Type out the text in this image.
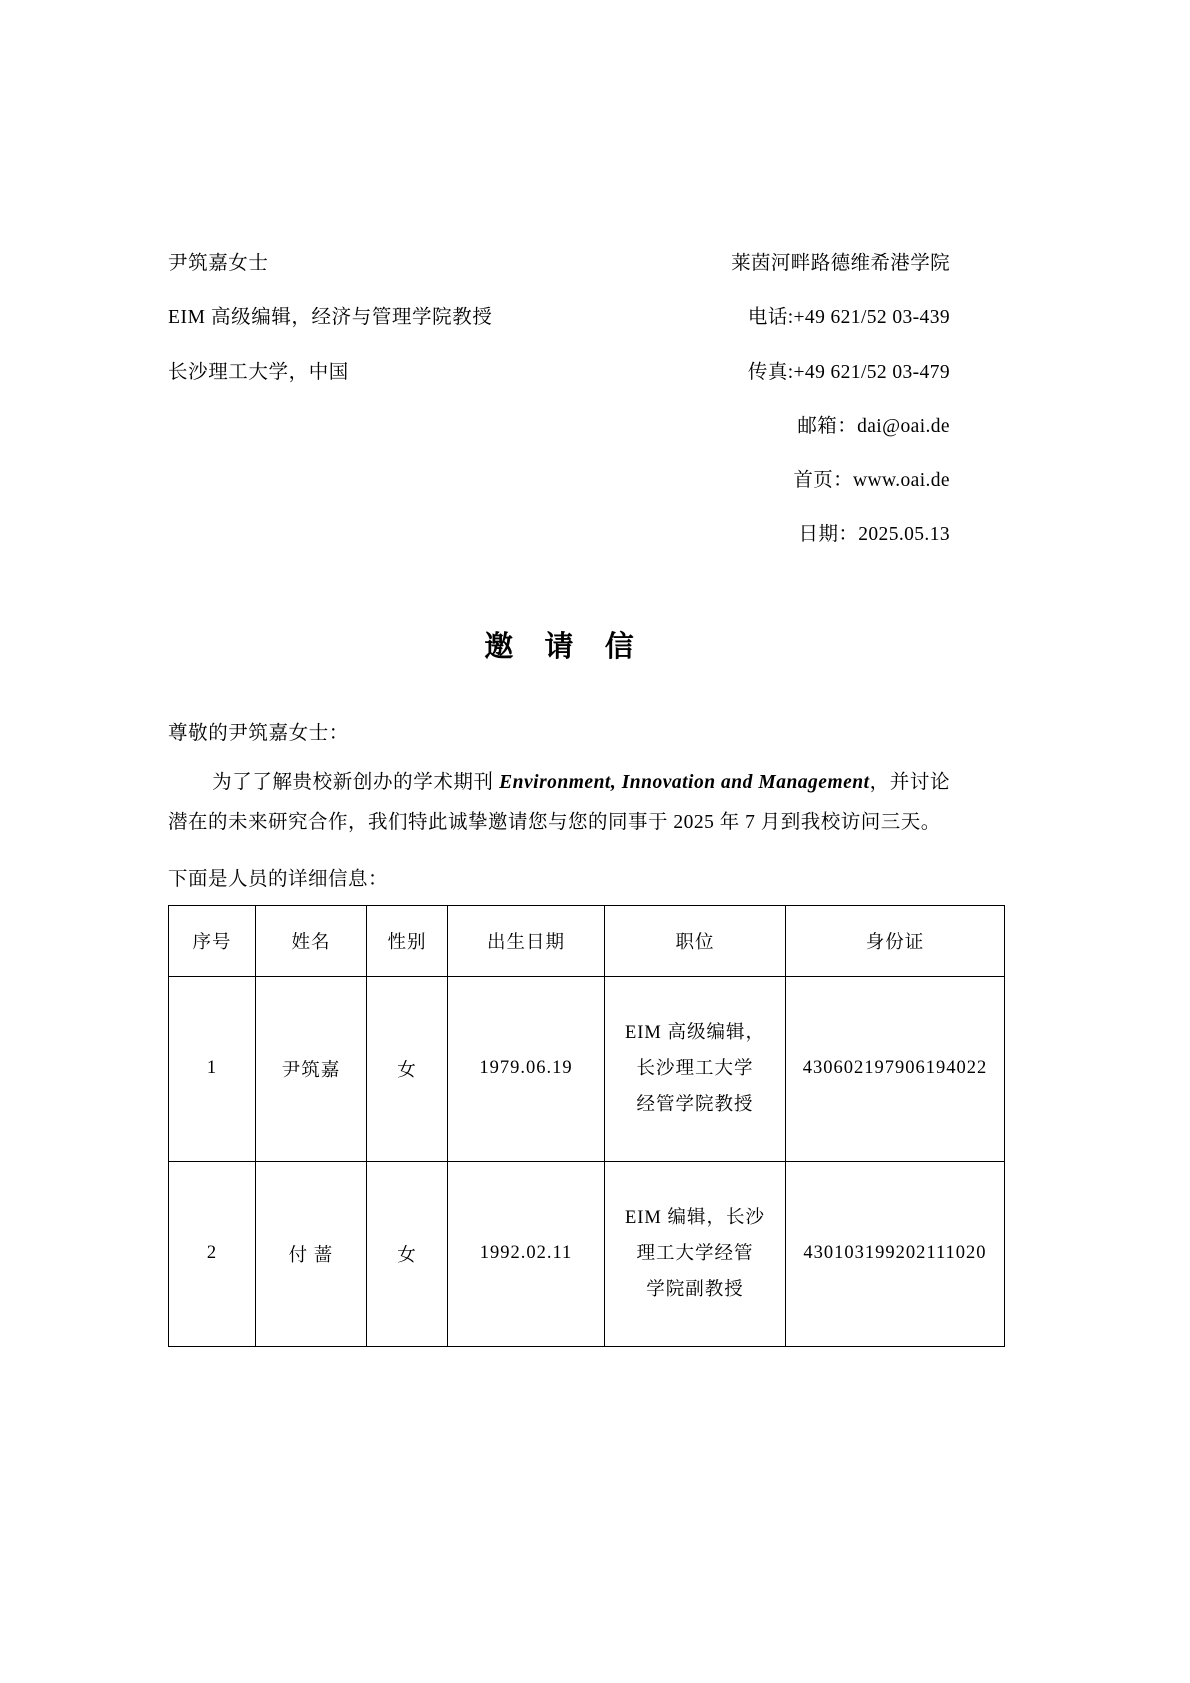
尹筑嘉女士	莱茵河畔路德维希港学院
EIM 高级编辑，经济与管理学院教授	电话:+49 621/52 03-439
长沙理工大学，中国	传真:+49 621/52 03-479
邮箱：dai@oai.de
首页：www.oai.de
日期：2025.05.13
邀 请 信
尊敬的尹筑嘉女士：
为了了解贵校新创办的学术期刊 Environment, Innovation and Management，并讨论潜在的未来研究合作，我们特此诚挚邀请您与您的同事于 2025 年 7 月到我校访问三天。
下面是人员的详细信息：
序号	姓名	性别	出生日期	职位	身份证
1	尹筑嘉	女	1979.06.19	EIM 高级编辑，
长沙理工大学
经管学院教授	430602197906194022
2	付 蔷	女	1992.02.11	EIM 编辑，长沙
理工大学经管
学院副教授	430103199202111020
